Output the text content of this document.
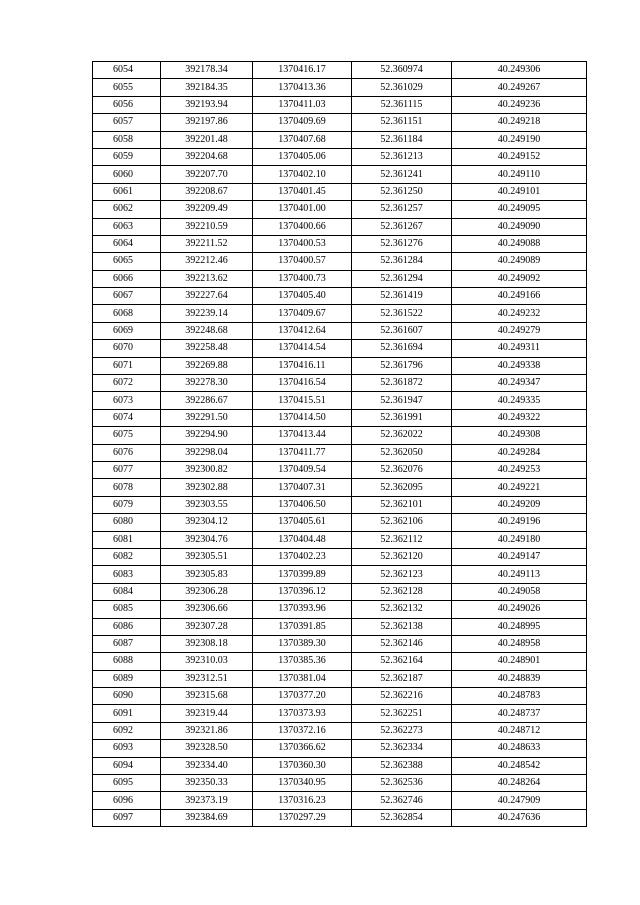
6054	392178.34	1370416.17	52.360974	40.249306
6055	392184.35	1370413.36	52.361029	40.249267
6056	392193.94	1370411.03	52.361115	40.249236
6057	392197.86	1370409.69	52.361151	40.249218
6058	392201.48	1370407.68	52.361184	40.249190
6059	392204.68	1370405.06	52.361213	40.249152
6060	392207.70	1370402.10	52.361241	40.249110
6061	392208.67	1370401.45	52.361250	40.249101
6062	392209.49	1370401.00	52.361257	40.249095
6063	392210.59	1370400.66	52.361267	40.249090
6064	392211.52	1370400.53	52.361276	40.249088
6065	392212.46	1370400.57	52.361284	40.249089
6066	392213.62	1370400.73	52.361294	40.249092
6067	392227.64	1370405.40	52.361419	40.249166
6068	392239.14	1370409.67	52.361522	40.249232
6069	392248.68	1370412.64	52.361607	40.249279
6070	392258.48	1370414.54	52.361694	40.249311
6071	392269.88	1370416.11	52.361796	40.249338
6072	392278.30	1370416.54	52.361872	40.249347
6073	392286.67	1370415.51	52.361947	40.249335
6074	392291.50	1370414.50	52.361991	40.249322
6075	392294.90	1370413.44	52.362022	40.249308
6076	392298.04	1370411.77	52.362050	40.249284
6077	392300.82	1370409.54	52.362076	40.249253
6078	392302.88	1370407.31	52.362095	40.249221
6079	392303.55	1370406.50	52.362101	40.249209
6080	392304.12	1370405.61	52.362106	40.249196
6081	392304.76	1370404.48	52.362112	40.249180
6082	392305.51	1370402.23	52.362120	40.249147
6083	392305.83	1370399.89	52.362123	40.249113
6084	392306.28	1370396.12	52.362128	40.249058
6085	392306.66	1370393.96	52.362132	40.249026
6086	392307.28	1370391.85	52.362138	40.248995
6087	392308.18	1370389.30	52.362146	40.248958
6088	392310.03	1370385.36	52.362164	40.248901
6089	392312.51	1370381.04	52.362187	40.248839
6090	392315.68	1370377.20	52.362216	40.248783
6091	392319.44	1370373.93	52.362251	40.248737
6092	392321.86	1370372.16	52.362273	40.248712
6093	392328.50	1370366.62	52.362334	40.248633
6094	392334.40	1370360.30	52.362388	40.248542
6095	392350.33	1370340.95	52.362536	40.248264
6096	392373.19	1370316.23	52.362746	40.247909
6097	392384.69	1370297.29	52.362854	40.247636
